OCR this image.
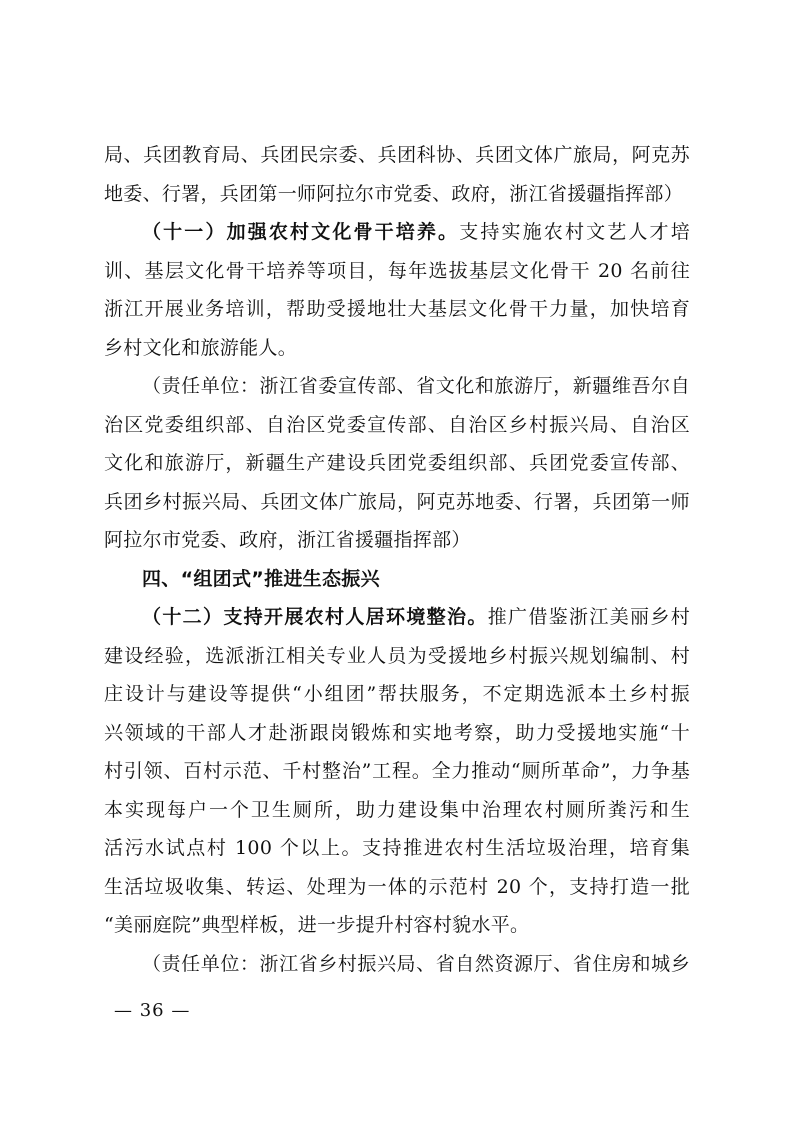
局、兵团教育局、兵团民宗委、兵团科协、兵团文体广旅局，阿克苏
地委、行署，兵团第一师阿拉尔市党委、政府，浙江省援疆指挥部）
（十一）加强农村文化骨干培养。支持实施农村文艺人才培
训、基层文化骨干培养等项目，每年选拔基层文化骨干 20 名前往
浙江开展业务培训，帮助受援地壮大基层文化骨干力量，加快培育
乡村文化和旅游能人。
（责任单位：浙江省委宣传部、省文化和旅游厅，新疆维吾尔自
治区党委组织部、自治区党委宣传部、自治区乡村振兴局、自治区
文化和旅游厅，新疆生产建设兵团党委组织部、兵团党委宣传部、
兵团乡村振兴局、兵团文体广旅局，阿克苏地委、行署，兵团第一师
阿拉尔市党委、政府，浙江省援疆指挥部）
四、“组团式”推进生态振兴
（十二）支持开展农村人居环境整治。推广借鉴浙江美丽乡村
建设经验，选派浙江相关专业人员为受援地乡村振兴规划编制、村
庄设计与建设等提供“小组团”帮扶服务，不定期选派本土乡村振
兴领域的干部人才赴浙跟岗锻炼和实地考察，助力受援地实施“十
村引领、百村示范、千村整治”工程。全力推动“厕所革命”，力争基
本实现每户一个卫生厕所，助力建设集中治理农村厕所粪污和生
活污水试点村 100 个以上。支持推进农村生活垃圾治理，培育集
生活垃圾收集、转运、处理为一体的示范村 20 个，支持打造一批
“美丽庭院”典型样板，进一步提升村容村貌水平。
（责任单位：浙江省乡村振兴局、省自然资源厅、省住房和城乡
— 36 —
